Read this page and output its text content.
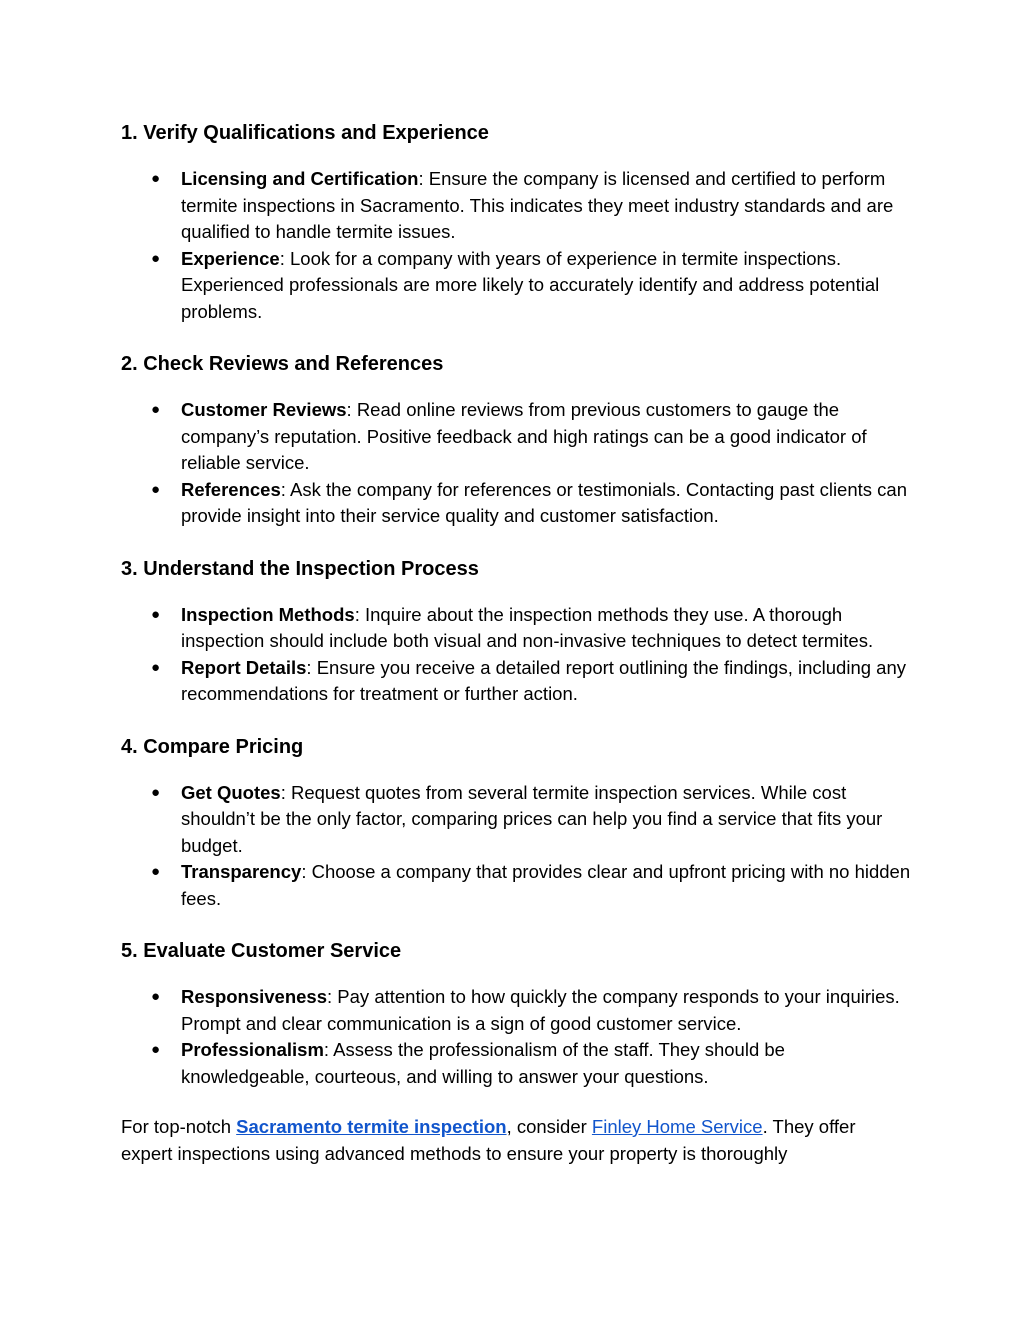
1. Verify Qualifications and Experience
● Licensing and Certification: Ensure the company is licensed and certified to perform termite inspections in Sacramento. This indicates they meet industry standards and are qualified to handle termite issues.
● Experience: Look for a company with years of experience in termite inspections. Experienced professionals are more likely to accurately identify and address potential problems.
2. Check Reviews and References
● Customer Reviews: Read online reviews from previous customers to gauge the company’s reputation. Positive feedback and high ratings can be a good indicator of reliable service.
● References: Ask the company for references or testimonials. Contacting past clients can provide insight into their service quality and customer satisfaction.
3. Understand the Inspection Process
● Inspection Methods: Inquire about the inspection methods they use. A thorough inspection should include both visual and non-invasive techniques to detect termites.
● Report Details: Ensure you receive a detailed report outlining the findings, including any recommendations for treatment or further action.
4. Compare Pricing
● Get Quotes: Request quotes from several termite inspection services. While cost shouldn’t be the only factor, comparing prices can help you find a service that fits your budget.
● Transparency: Choose a company that provides clear and upfront pricing with no hidden fees.
5. Evaluate Customer Service
● Responsiveness: Pay attention to how quickly the company responds to your inquiries. Prompt and clear communication is a sign of good customer service.
● Professionalism: Assess the professionalism of the staff. They should be knowledgeable, courteous, and willing to answer your questions.

For top-notch Sacramento termite inspection, consider Finley Home Service. They offer expert inspections using advanced methods to ensure your property is thoroughly
